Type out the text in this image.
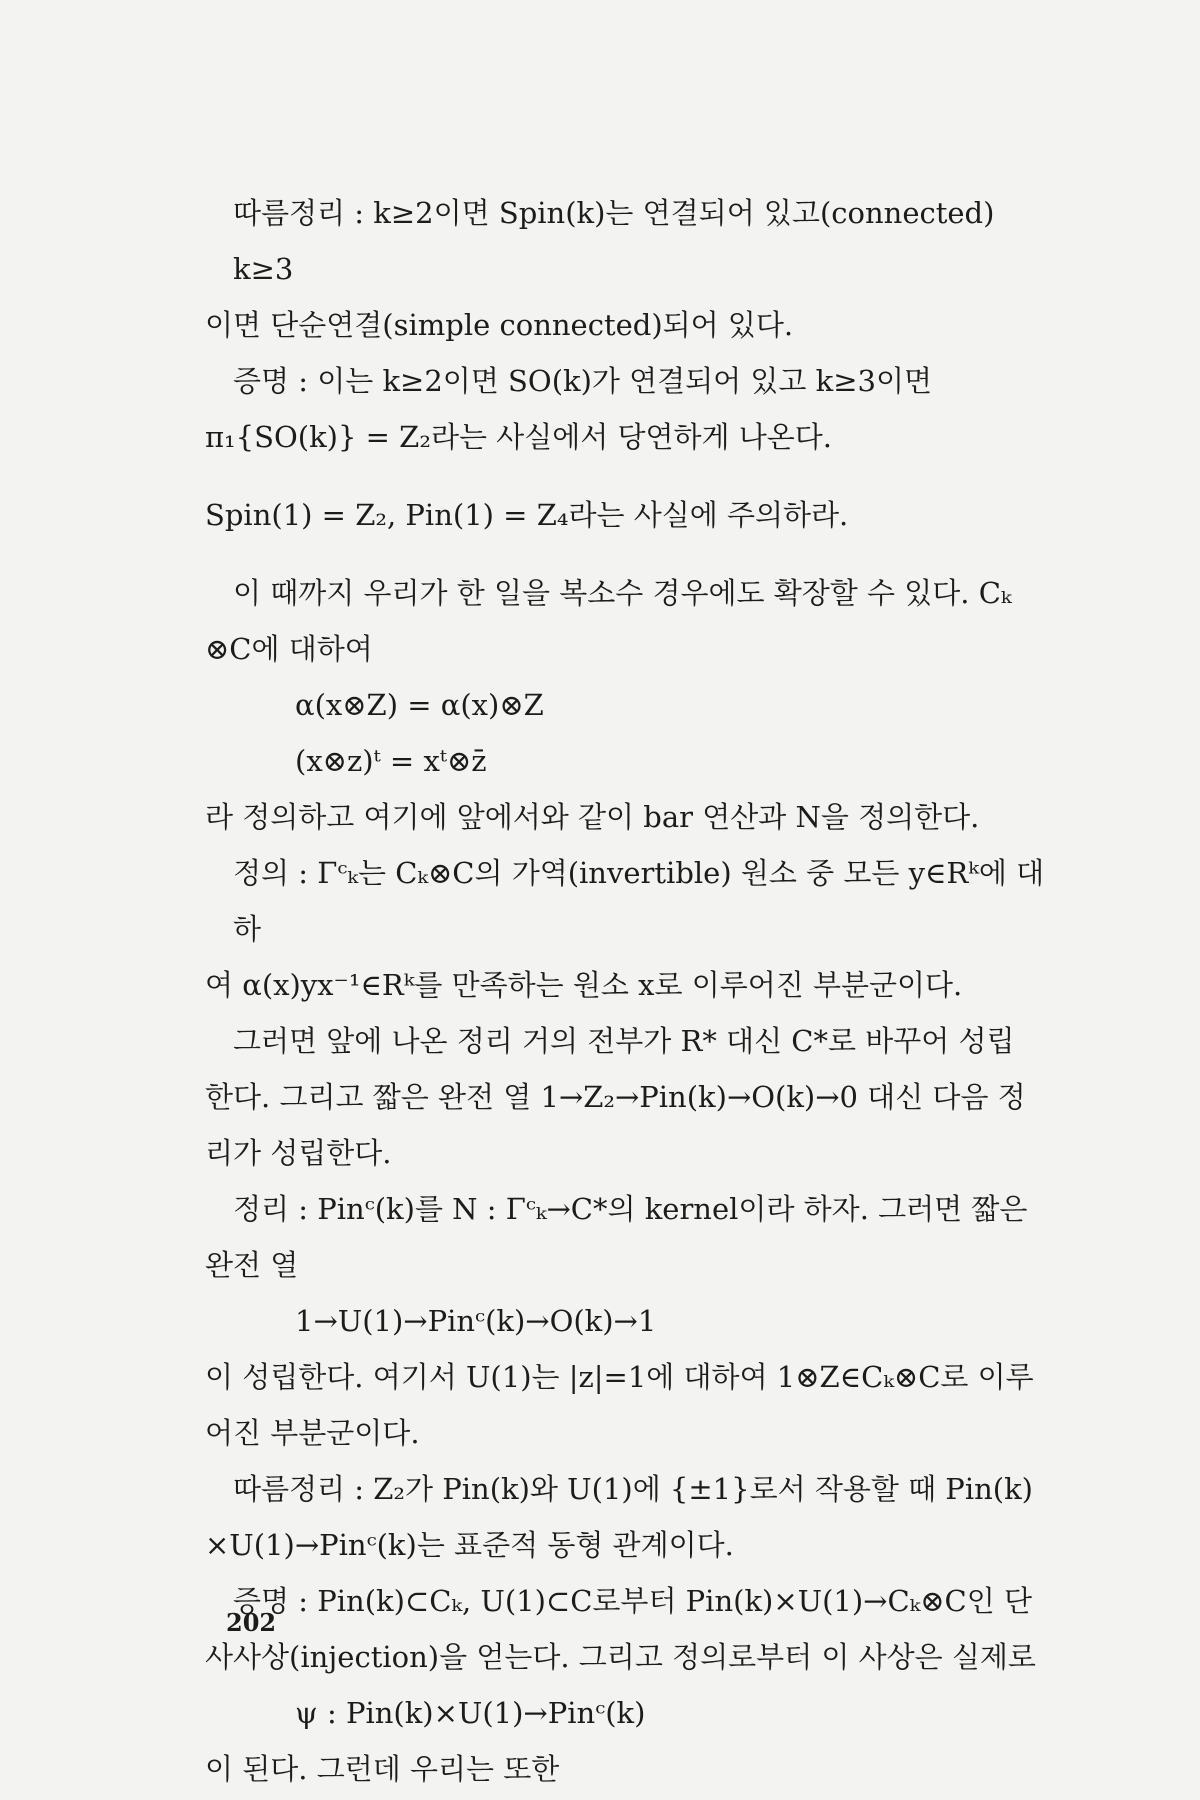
따름정리 : k≥2이면 Spin(k)는 연결되어 있고(connected) k≥3

이면 단순연결(simple connected)되어 있다.

증명 : 이는 k≥2이면 SO(k)가 연결되어 있고 k≥3이면

π₁{SO(k)} = Z₂라는 사실에서 당연하게 나온다.

Spin(1) = Z₂, Pin(1) = Z₄라는 사실에 주의하라.

이 때까지 우리가 한 일을 복소수 경우에도 확장할 수 있다. Cₖ

⊗C에 대하여

α(x⊗Z) = α(x)⊗Z

(x⊗z)ᵗ = xᵗ⊗z̄

라 정의하고 여기에 앞에서와 같이 bar 연산과 N을 정의한다.

정의 : Γᶜₖ는 Cₖ⊗C의 가역(invertible) 원소 중 모든 y∈Rᵏ에 대하

여 α(x)yx⁻¹∈Rᵏ를 만족하는 원소 x로 이루어진 부분군이다.

그러면 앞에 나온 정리 거의 전부가 R* 대신 C*로 바꾸어 성립

한다. 그리고 짧은 완전 열 1→Z₂→Pin(k)→O(k)→0 대신 다음 정

리가 성립한다.

정리 : Pinᶜ(k)를 N : Γᶜₖ→C*의 kernel이라 하자. 그러면 짧은

완전 열

1→U(1)→Pinᶜ(k)→O(k)→1

이 성립한다. 여기서 U(1)는 |z|=1에 대하여 1⊗Z∈Cₖ⊗C로 이루

어진 부분군이다.

따름정리 : Z₂가 Pin(k)와 U(1)에 {±1}로서 작용할 때 Pin(k)

×U(1)→Pinᶜ(k)는 표준적 동형 관계이다.

증명 : Pin(k)⊂Cₖ, U(1)⊂C로부터 Pin(k)×U(1)→Cₖ⊗C인 단

사사상(injection)을 얻는다. 그리고 정의로부터 이 사상은 실제로

ψ : Pin(k)×U(1)→Pinᶜ(k)

이 된다. 그런데 우리는 또한

202
